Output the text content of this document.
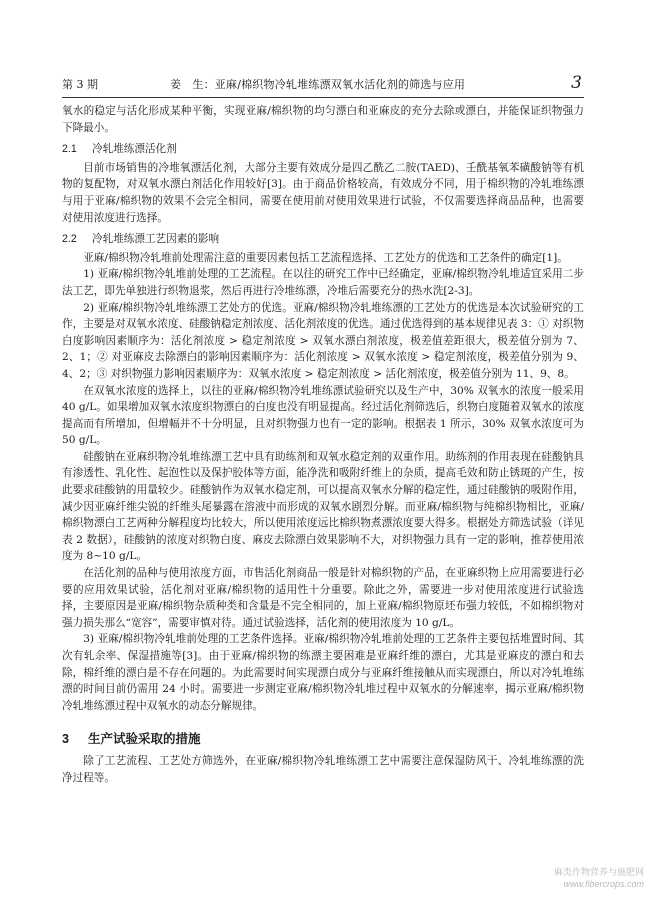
第 3 期	姜　生：亚麻/棉织物冷轧堆练漂双氧水活化剂的筛选与应用	3

氧水的稳定与活化形成某种平衡，实现亚麻/棉织物的均匀漂白和亚麻皮的充分去除或漂白，并能保证织物强力下降最小。

2.1 冷轧堆练漂活化剂

目前市场销售的冷堆氧漂活化剂，大部分主要有效成分是四乙酰乙二胺(TAED)、壬酰基氧苯磺酸钠等有机物的复配物，对双氧水漂白剂活化作用较好[3]。由于商品价格较高，有效成分不同，用于棉织物的冷轧堆练漂与用于亚麻/棉织物的效果不会完全相同，需要在使用前对使用效果进行试验，不仅需要选择商品品种，也需要对使用浓度进行选择。

2.2 冷轧堆练漂工艺因素的影响

亚麻/棉织物冷轧堆前处理需注意的重要因素包括工艺流程选择、工艺处方的优选和工艺条件的确定[1]。

1) 亚麻/棉织物冷轧堆前处理的工艺流程。在以往的研究工作中已经确定，亚麻/棉织物冷轧堆适宜采用二步法工艺，即先单独进行织物退浆，然后再进行冷堆练漂，冷堆后需要充分的热水洗[2-3]。

2) 亚麻/棉织物冷轧堆练漂工艺处方的优选。亚麻/棉织物冷轧堆练漂的工艺处方的优选是本次试验研究的工作，主要是对双氧水浓度、硅酸钠稳定剂浓度、活化剂浓度的优选。通过优选得到的基本规律见表 3：① 对织物白度影响因素顺序为：活化剂浓度 > 稳定剂浓度 > 双氧水漂白剂浓度，极差值差距很大，极差值分别为 7、2、1；② 对亚麻皮去除漂白的影响因素顺序为：活化剂浓度 > 双氧水浓度 > 稳定剂浓度，极差值分别为 9、4、2；③ 对织物强力影响因素顺序为：双氧水浓度 > 稳定剂浓度 > 活化剂浓度，极差值分别为 11、9、8。

在双氧水浓度的选择上，以往的亚麻/棉织物冷轧堆练漂试验研究以及生产中，30% 双氧水的浓度一般采用 40 g/L。如果增加双氧水浓度织物漂白的白度也没有明显提高。经过活化剂筛选后，织物白度随着双氧水的浓度提高而有所增加，但增幅并不十分明显，且对织物强力也有一定的影响。根据表 1 所示，30% 双氧水浓度可为 50 g/L。

硅酸钠在亚麻织物冷轧堆练漂工艺中具有助练剂和双氧水稳定剂的双重作用。助练剂的作用表现在硅酸钠具有渗透性、乳化性、起泡性以及保护胶体等方面，能净洗和吸附纤维上的杂质，提高毛效和防止锈斑的产生，按此要求硅酸钠的用量较少。硅酸钠作为双氧水稳定剂，可以提高双氧水分解的稳定性，通过硅酸钠的吸附作用，减少因亚麻纤维尖锐的纤维头尾暴露在溶液中而形成的双氧水剧烈分解。而亚麻/棉织物与纯棉织物相比，亚麻/棉织物漂白工艺两种分解程度均比较大，所以使用浓度远比棉织物煮漂浓度要大得多。根据处方筛选试验（详见表 2 数据），硅酸钠的浓度对织物白度、麻皮去除漂白效果影响不大，对织物强力具有一定的影响，推荐使用浓度为 8~10 g/L。

在活化剂的品种与使用浓度方面，市售活化剂商品一般是针对棉织物的产品，在亚麻织物上应用需要进行必要的应用效果试验，活化剂对亚麻/棉织物的适用性十分重要。除此之外，需要进一步对使用浓度进行试验选择，主要原因是亚麻/棉织物杂质种类和含量是不完全相同的，加上亚麻/棉织物原坯布强力较低，不如棉织物对强力损失那么“宽容”，需要审慎对待。通过试验选择，活化剂的使用浓度为 10 g/L。

3) 亚麻/棉织物冷轧堆前处理的工艺条件选择。亚麻/棉织物冷轧堆前处理的工艺条件主要包括堆置时间、其次有轧余率、保湿措施等[3]。由于亚麻/棉织物的练漂主要困难是亚麻纤维的漂白，尤其是亚麻皮的漂白和去除，棉纤维的漂白是不存在问题的。为此需要时间实现漂白成分与亚麻纤维接触从而实现漂白，所以对冷轧堆练漂的时间目前仍需用 24 小时。需要进一步测定亚麻/棉织物冷轧堆过程中双氧水的分解速率，揭示亚麻/棉织物冷轧堆练漂过程中双氧水的动态分解规律。

3 生产试验采取的措施

除了工艺流程、工艺处方筛选外，在亚麻/棉织物冷轧堆练漂工艺中需要注意保湿防风干、冷轧堆练漂的洗净过程等。

麻类作物营养与施肥网
www.fibercrops.com
